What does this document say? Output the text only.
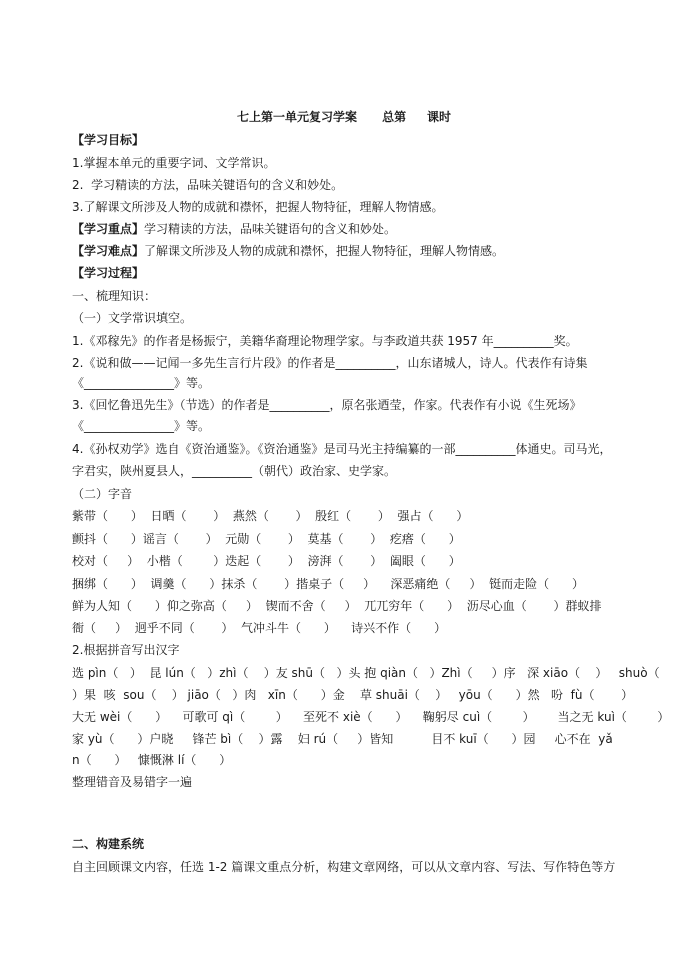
七上第一单元复习学案      总第     课时
【学习目标】
1.掌握本单元的重要字词、文学常识。
2.  学习精读的方法，品味关键语句的含义和妙处。
3.了解课文所涉及人物的成就和襟怀，把握人物特征，理解人物情感。
【学习重点】学习精读的方法，品味关键语句的含义和妙处。
【学习难点】了解课文所涉及人物的成就和襟怀，把握人物特征，理解人物情感。
【学习过程】
一、梳理知识：
（一）文学常识填空。
1.《邓稼先》的作者是杨振宁，美籍华裔理论物理学家。与李政道共获 1957 年__________奖。
2.《说和做——记闻一多先生言行片段》的作者是__________，山东诸城人，诗人。代表作有诗集
《_______________》等。
3.《回忆鲁迅先生》（节选）的作者是__________，原名张迺莹，作家。代表作有小说《生死场》
《_______________》等。
4.《孙权劝学》选自《资治通鉴》。《资治通鉴》是司马光主持编纂的一部__________体通史。司马光，
字君实，陕州夏县人，__________（朝代）政治家、史学家。
（二）字音
紫带（      ）  日晒（       ）  燕然（       ）  殷红（       ）  强占（      ）
颤抖（      ）谣言（       ）  元勋（       ）  莫基（       ）  疙瘩（      ）
校对（     ）  小楷（        ）迭起（       ）  滂湃（       ）  阖眼（      ）
捆绑（      ）  调羹（      ）抹杀（       ）揩桌子（     ）    深恶痛绝（     ）  铤而走险（      ）
鲜为人知（      ）仰之弥高（     ）  锲而不舍（     ）  兀兀穷年（      ）  沥尽心血（       ）群蚁排
衙（     ）  迥乎不同（       ）  气冲斗牛（      ）    诗兴不作（      ）
2.根据拼音写出汉字
选 pìn（   ）  昆 lún（   ）zhì（    ）友 shū（   ）头 抱 qiàn（   ）Zhì（     ）序   深 xiāo（    ）   shuò（
）果  咳  sou（    ） jiāo（   ）肉   xīn（      ）金    草 shuāi（    ）   yōu（      ）然   吩  fù（       ）
大无 wèi（      ）    可歌可 qì（        ）    至死不 xiè（      ）    鞠躬尽 cuì（        ）      当之无 kuì（        ）
家 yù（      ）户晓     锋芒 bì（    ）露    妇 rú（     ）皆知          目不 kuī（      ）园     心不在  yǎ
n（      ）   慷慨淋 lí（      ）
整理错音及易错字一遍
二、构建系统
自主回顾课文内容，任选 1-2 篇课文重点分析，构建文章网络，可以从文章内容、写法、写作特色等方
